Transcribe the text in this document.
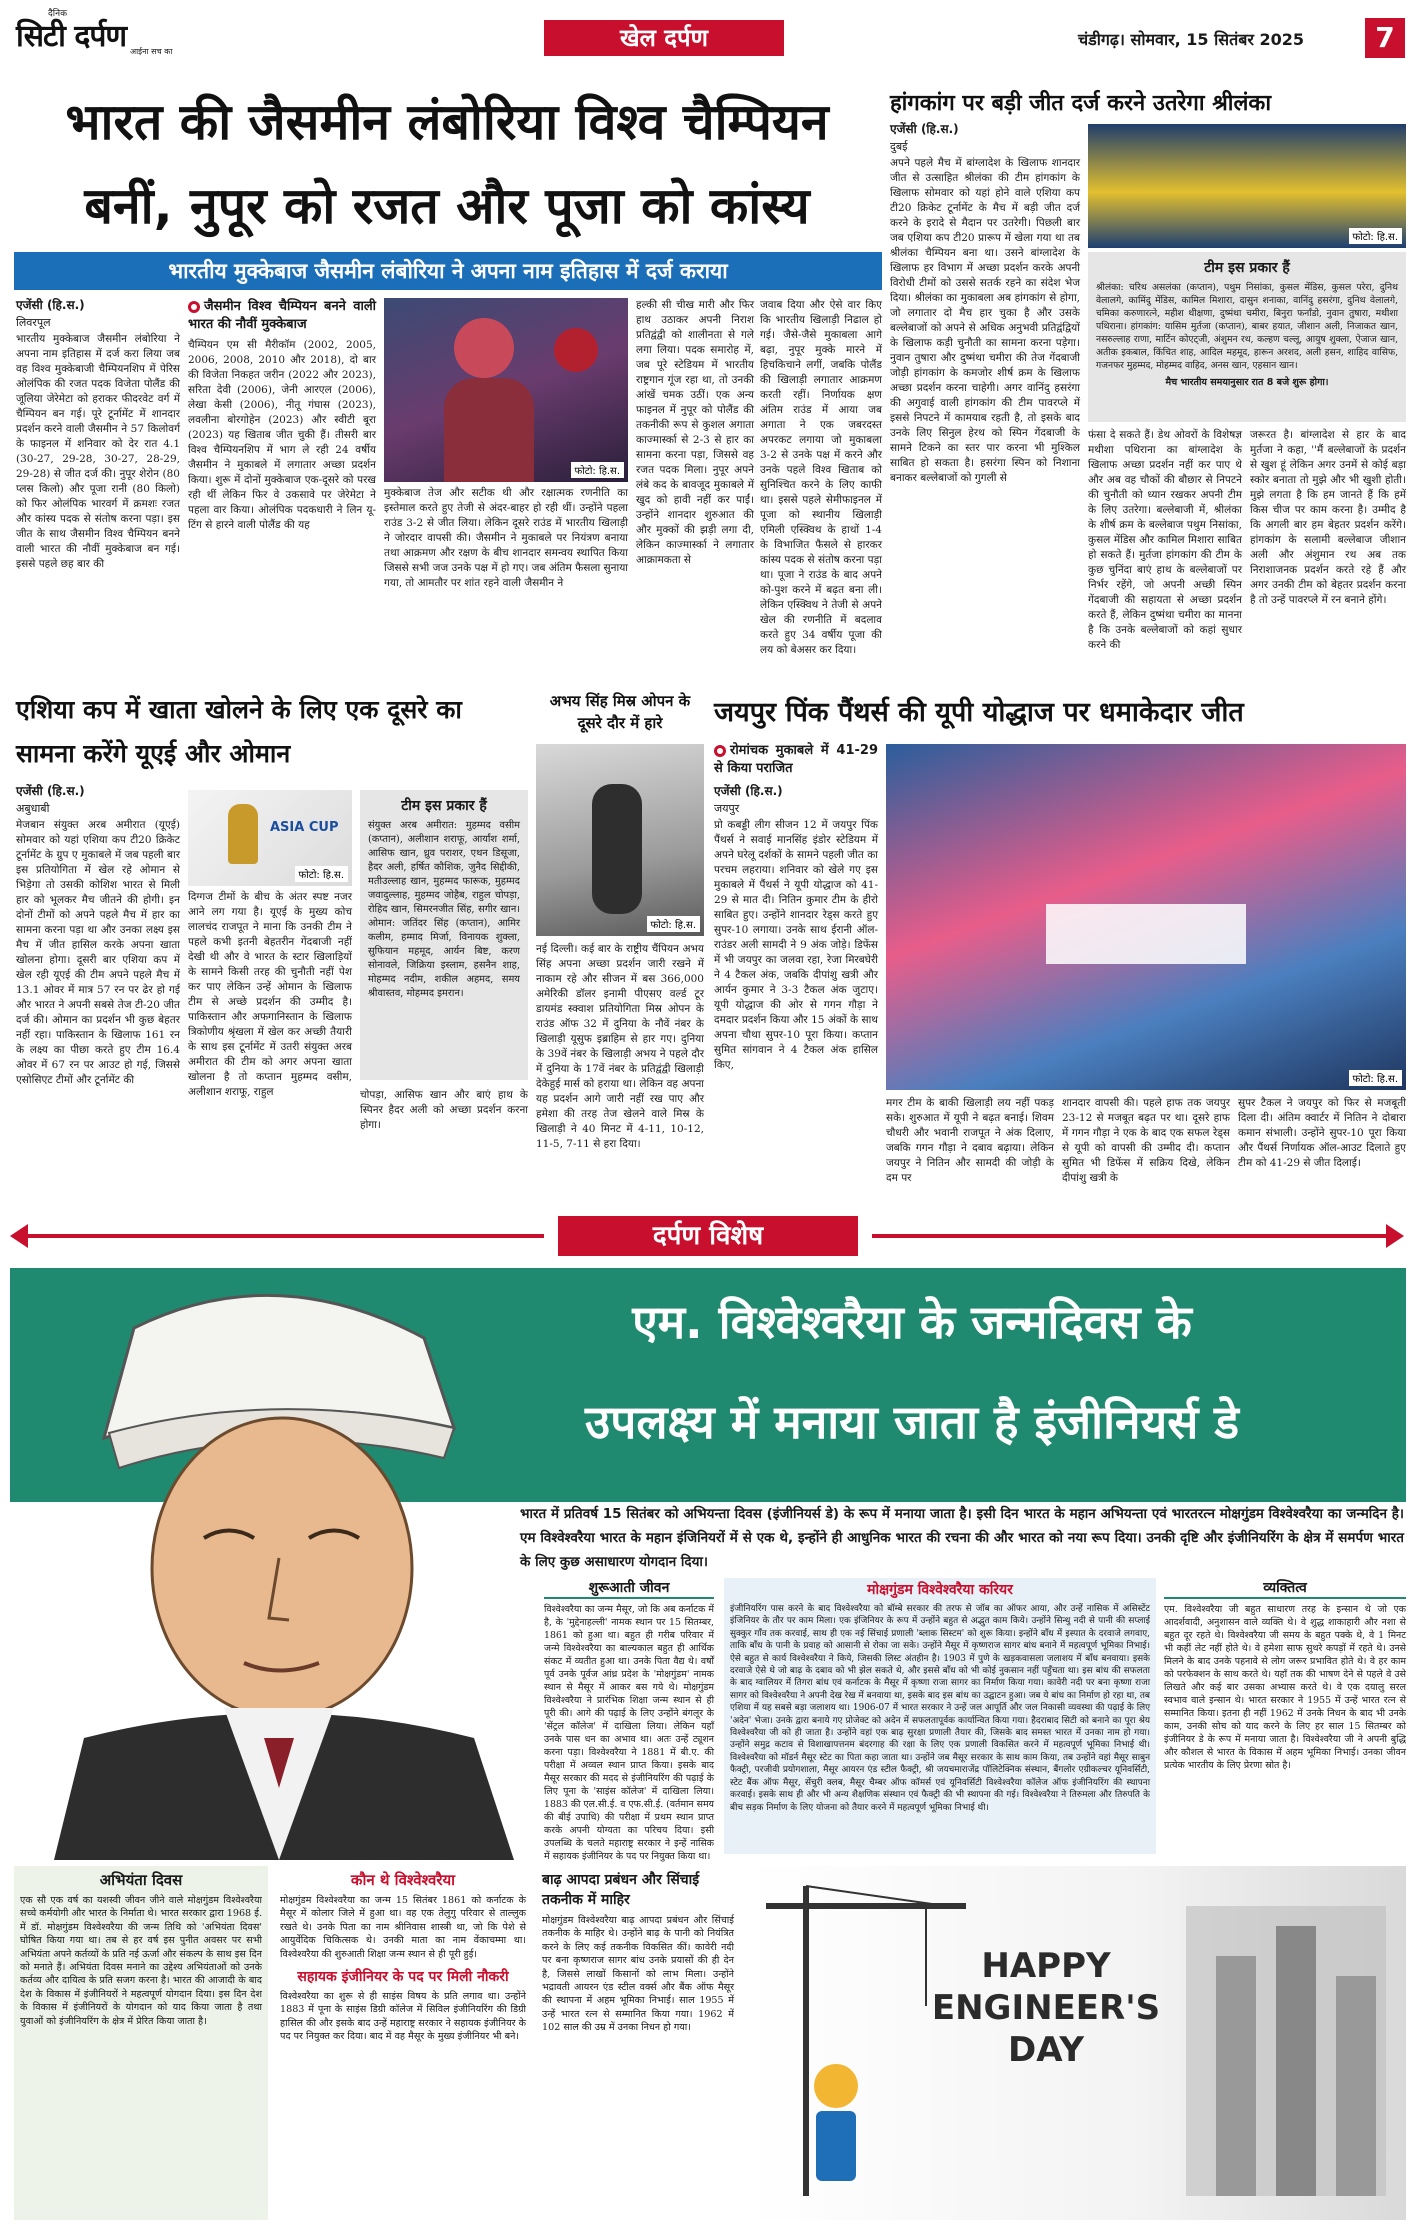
दैनिक
सिटी दर्पण आईना सच का	खेल दर्पण	चंडीगढ़। सोमवार, 15 सितंबर 2025	7
भारत की जैसमीन लंबोरिया विश्व चैम्पियन
बनीं, नुपूर को रजत और पूजा को कांस्य
भारतीय मुक्केबाज जैसमीन लंबोरिया ने अपना नाम इतिहास में दर्ज कराया
एजेंसी (हि.स.)
लिवरपूल

भारतीय मुक्केबाज जैसमीन लंबोरिया ने अपना नाम इतिहास में दर्ज करा लिया जब वह विश्व मुक्केबाजी चैम्पियनशिप में पेरिस ओलंपिक की रजत पदक विजेता पोलैंड की जूलिया जेरेमेटा को हराकर फीदरवेट वर्ग में चैम्पियन बन गई। पूरे टूर्नामेंट में शानदार प्रदर्शन करने वाली जैसमीन ने 57 किलोवर्ग के फाइनल में शनिवार को देर रात 4.1 (30-27, 29-28, 30-27, 28-29, 29-28) से जीत दर्ज की। नुपूर शेरोन (80 प्लस किलो) और पूजा रानी (80 किलो) को फिर ओलंपिक भारवर्ग में क्रमशः रजत और कांस्य पदक से संतोष करना पड़ा। इस जीत के साथ जैसमीन विश्व चैम्पियन बनने वाली भारत की नौवीं मुक्केबाज बन गई। इससे पहले छह बार की

जैसमीन विश्व चैम्पियन बनने वाली भारत की नौवीं मुक्केबाज

चैम्पियन एम सी मैरीकॉम (2002, 2005, 2006, 2008, 2010 और 2018), दो बार की विजेता निकहत जरीन (2022 और 2023), सरिता देवी (2006), जेनी आरएल (2006), लेखा केसी (2006), नीतू गंघास (2023), लवलीना बोरगोहेन (2023) और स्वीटी बूरा (2023) यह खिताब जीत चुकी हैं। तीसरी बार विश्व चैम्पियनशिप में भाग ले रही 24 वर्षीय जैसमीन ने मुकाबले में लगातार अच्छा प्रदर्शन किया। शुरू में दोनों मुक्केबाज एक-दूसरे को परख रही थीं लेकिन फिर वे उकसावे पर जेरेमेटा ने पहला वार किया। ओलंपिक पदकधारी ने लिन यू-टिंग से हारने वाली पोलैंड की यह

फोटो: हि.स.

मुक्केबाज तेज और सटीक थी और रक्षात्मक रणनीति का इस्तेमाल करते हुए तेजी से अंदर-बाहर हो रही थीं। उन्होंने पहला राउंड 3-2 से जीत लिया। लेकिन दूसरे राउंड में भारतीय खिलाड़ी ने जोरदार वापसी की। जैसमीन ने मुकाबले पर नियंत्रण बनाया तथा आक्रमण और रक्षण के बीच शानदार समन्वय स्थापित किया जिससे सभी जज उनके पक्ष में हो गए। जब अंतिम फैसला सुनाया गया, तो आमतौर पर शांत रहने वाली जैसमीन ने

हल्की सी चीख मारी और फिर हाथ उठाकर अपनी निराश प्रतिद्वंद्वी को शालीनता से गले लगा लिया। पदक समारोह में, जब पूरे स्टेडियम में भारतीय राष्ट्रगान गूंज रहा था, तो उनकी आंखें चमक उठीं। एक अन्य फाइनल में नुपूर को पोलैंड की तकनीकी रूप से कुशल अगाता काज्मार्स्का से 2-3 से हार का सामना करना पड़ा, जिससे वह रजत पदक मिला। नुपूर अपने लंबे कद के बावजूद मुकाबले में खुद को हावी नहीं कर पाईं। उन्होंने शानदार शुरुआत की और मुक्कों की झड़ी लगा दी, लेकिन काज्मार्स्का ने लगातार आक्रामकता से

जवाब दिया और ऐसे वार किए कि भारतीय खिलाड़ी निढाल हो गई। जैसे-जैसे मुकाबला आगे बढ़ा, नुपूर मुक्के मारने में हिचकिचाने लगीं, जबकि पोलैंड की खिलाड़ी लगातार आक्रमण करती रहीं। निर्णायक क्षण अंतिम राउंड में आया जब अगाता ने एक जबरदस्त अपरकट लगाया जो मुकाबला 3-2 से उनके पक्ष में करने और उनके पहले विश्व खिताब को सुनिश्चित करने के लिए काफी था। इससे पहले सेमीफाइनल में पूजा को स्थानीय खिलाड़ी एमिली एस्क्विथ के हाथों 1-4 के विभाजित फैसले से हारकर कांस्य पदक से संतोष करना पड़ा था। पूजा ने राउंड के बाद अपने को-पुश करने में बढ़त बना ली। लेकिन एस्क्विथ ने तेजी से अपने खेल की रणनीति में बदलाव करते हुए 34 वर्षीय पूजा की लय को बेअसर कर दिया।

हांगकांग पर बड़ी जीत दर्ज करने उतरेगा श्रीलंका
एजेंसी (हि.स.)
दुबई

अपने पहले मैच में बांग्लादेश के खिलाफ शानदार जीत से उत्साहित श्रीलंका की टीम हांगकांग के खिलाफ सोमवार को यहां होने वाले एशिया कप टी20 क्रिकेट टूर्नामेंट के मैच में बड़ी जीत दर्ज करने के इरादे से मैदान पर उतरेगी। पिछली बार जब एशिया कप टी20 प्रारूप में खेला गया था तब श्रीलंका चैम्पियन बना था। उसने बांग्लादेश के खिलाफ हर विभाग में अच्छा प्रदर्शन करके अपनी विरोधी टीमों को उससे सतर्क रहने का संदेश भेज दिया। श्रीलंका का मुकाबला अब हांगकांग से होगा, जो लगातार दो मैच हार चुका है और उसके बल्लेबाजों को अपने से अधिक अनुभवी प्रतिद्वंद्वियों के खिलाफ कड़ी चुनौती का सामना करना पड़ेगा। नुवान तुषारा और दुष्मंथा चमीरा की तेज गेंदबाजी जोड़ी हांगकांग के कमजोर शीर्ष क्रम के खिलाफ अच्छा प्रदर्शन करना चाहेगी। अगर वानिंदु हसरंगा की अगुवाई वाली हांगकांग की टीम पावरप्ले में इससे निपटने में कामयाब रहती है, तो इसके बाद उनके लिए सिनुल हेरथ को स्पिन गेंदबाजी के सामने टिकने का स्तर पार करना भी मुश्किल साबित हो सकता है। हसरंगा स्पिन को निशाना बनाकर बल्लेबाजों को गुगली से

फोटो: हि.स.
टीम इस प्रकार हैं
श्रीलंका: चरिथ असलंका (कप्तान), पथुम निसांका, कुसल मेंडिस, कुसल परेरा, दुनिथ वेलालगे, कामिंदु मेंडिस, कामिल मिशारा, दासुन शनाका, वानिंदु हसरंगा, दुनिथ वेलालगे, चमिका करुणारत्ने, महीश थीक्षणा, दुष्मंथा चमीरा, बिनुरा फर्नांडो, नुवान तुषारा, मथीशा पथिराना। हांगकांग: यासिम मुर्तजा (कप्तान), बाबर हयात, जीशान अली, निजाकत खान, नसरुल्लाह राणा, मार्टिन कोएट्जी, अंशुमन रथ, कल्हण चल्लू, आयुष शुक्ला, ऐजाज खान, अतीक इकबाल, किंचित शाह, आदिल महमूद, हारून अरशद, अली हसन, शाहिद वासिफ, गजनफर मुहम्मद, मोहम्मद वाहिद, अनस खान, एहसान खान।
मैच भारतीय समयानुसार रात 8 बजे शुरू होगा।

फंसा दे सकते हैं। डेथ ओवरों के विशेषज्ञ मथीशा पथिराना का बांग्लादेश के खिलाफ अच्छा प्रदर्शन नहीं कर पाए थे और अब वह चौकों की बौछार से निपटने की चुनौती को ध्यान रखकर अपनी टीम के लिए उतरेगा। बल्लेबाजी में, श्रीलंका के शीर्ष क्रम के बल्लेबाज पथुम निसांका, कुसल मेंडिस और कामिल मिशारा साबित हो सकते हैं। मुर्तजा हांगकांग की टीम के कुछ चुनिंदा बाएं हाथ के बल्लेबाजों पर निर्भर रहेंगे, जो अपनी अच्छी स्पिन गेंदबाजी की सहायता से अच्छा प्रदर्शन करते हैं, लेकिन दुष्मंथा चमीरा का मानना है कि उनके बल्लेबाजों को कहां सुधार करने की

जरूरत है। बांग्लादेश से हार के बाद मुर्तजा ने कहा, ''मैं बल्लेबाजों के प्रदर्शन से खुश हूं लेकिन अगर उनमें से कोई बड़ा स्कोर बनाता तो मुझे और भी खुशी होती। मुझे लगता है कि हम जानते हैं कि हमें किस चीज पर काम करना है। उम्मीद है कि अगली बार हम बेहतर प्रदर्शन करेंगे। हांगकांग के सलामी बल्लेबाज जीशान अली और अंशुमान रथ अब तक निराशाजनक प्रदर्शन करते रहे हैं और अगर उनकी टीम को बेहतर प्रदर्शन करना है तो उन्हें पावरप्ले में रन बनाने होंगे।

एशिया कप में खाता खोलने के लिए एक दूसरे का सामना करेंगे यूएई और ओमान
एजेंसी (हि.स.)
अबुधाबी

मेजबान संयुक्त अरब अमीरात (यूएई) सोमवार को यहां एशिया कप टी20 क्रिकेट टूर्नामेंट के ग्रुप ए मुकाबले में जब पहली बार इस प्रतियोगिता में खेल रहे ओमान से भिड़ेगा तो उसकी कोशिश भारत से मिली हार को भूलकर मैच जीतने की होगी। इन दोनों टीमों को अपने पहले मैच में हार का सामना करना पड़ा था और उनका लक्ष्य इस मैच में जीत हासिल करके अपना खाता खोलना होगा। दूसरी बार एशिया कप में खेल रही यूएई की टीम अपने पहले मैच में 13.1 ओवर में मात्र 57 रन पर ढेर हो गई और भारत ने अपनी सबसे तेज टी-20 जीत दर्ज की। ओमान का प्रदर्शन भी कुछ बेहतर नहीं रहा। पाकिस्तान के खिलाफ 161 रन के लक्ष्य का पीछा करते हुए टीम 16.4 ओवर में 67 रन पर आउट हो गई, जिससे एसोसिएट टीमों और टूर्नामेंट की

ASIA CUP
फोटो: हि.स.

दिग्गज टीमों के बीच के अंतर स्पष्ट नजर आने लग गया है। यूएई के मुख्य कोच लालचंद राजपूत ने माना कि उनकी टीम ने पहले कभी इतनी बेहतरीन गेंदबाजी नहीं देखी थी और वे भारत के स्टार खिलाड़ियों के सामने किसी तरह की चुनौती नहीं पेश कर पाए लेकिन उन्हें ओमान के खिलाफ टीम से अच्छे प्रदर्शन की उम्मीद है। पाकिस्तान और अफगानिस्तान के खिलाफ त्रिकोणीय श्रृंखला में खेल कर अच्छी तैयारी के साथ इस टूर्नामेंट में उतरी संयुक्त अरब अमीरात की टीम को अगर अपना खाता खोलना है तो कप्तान मुहम्मद वसीम, अलीशान शराफू, राहुल

टीम इस प्रकार हैं
संयुक्त अरब अमीरात: मुहम्मद वसीम (कप्तान), अलीशान शराफू, आर्यांश शर्मा, आसिफ खान, ध्रुव पराशर, एथन डिसूजा, हैदर अली, हर्षित कौशिक, जुनैद सिद्दीकी, मतीउल्लाह खान, मुहम्मद फारूक, मुहम्मद जवादुल्लाह, मुहम्मद जोहैब, राहुल चोपड़ा, रोहिद खान, सिमरनजीत सिंह, सगीर खान। ओमान: जतिंदर सिंह (कप्तान), आमिर कलीम, हम्माद मिर्जा, विनायक शुक्ला, सुफियान महमूद, आर्यन बिष्ट, करण सोनावले, जिक्रिया इस्लाम, हसनैन शाह, मोहम्मद नदीम, शकील अहमद, समय श्रीवास्तव, मोहम्मद इमरान।

चोपड़ा, आसिफ खान और बाएं हाथ के स्पिनर हैदर अली को अच्छा प्रदर्शन करना होगा।

अभय सिंह मिस्र ओपन के दूसरे दौर में हारे
फोटो: हि.स.

नई दिल्ली। कई बार के राष्ट्रीय चैंपियन अभय सिंह अपना अच्छा प्रदर्शन जारी रखने में नाकाम रहे और सीजन में बस 366,000 अमेरिकी डॉलर इनामी पीएसए वर्ल्ड टूर डायमंड स्क्वाश प्रतियोगिता मिस्र ओपन के राउंड ऑफ 32 में दुनिया के नौवें नंबर के खिलाड़ी यूसुफ इब्राहिम से हार गए। दुनिया के 39वें नंबर के खिलाड़ी अभय ने पहले दौर में दुनिया के 17वें नंबर के प्रतिद्वंद्वी खिलाड़ी देकेहुई मार्स को हराया था। लेकिन वह अपना यह प्रदर्शन आगे जारी नहीं रख पाए और हमेशा की तरह तेज खेलने वाले मिस्र के खिलाड़ी ने 40 मिनट में 4-11, 10-12, 11-5, 7-11 से हरा दिया।

जयपुर पिंक पैंथर्स की यूपी योद्धाज पर धमाकेदार जीत
रोमांचक मुकाबले में 41-29 से किया पराजित
एजेंसी (हि.स.)
जयपुर

प्रो कबड्डी लीग सीजन 12 में जयपुर पिंक पैंथर्स ने सवाई मानसिंह इंडोर स्टेडियम में अपने घरेलू दर्शकों के सामने पहली जीत का परचम लहराया। शनिवार को खेले गए इस मुकाबले में पैंथर्स ने यूपी योद्धाज को 41-29 से मात दी। नितिन कुमार टीम के हीरो साबित हुए। उन्होंने शानदार रेड्स करते हुए सुपर-10 लगाया। उनके साथ ईरानी ऑल-राउंडर अली सामदी ने 9 अंक जोड़े। डिफेंस में भी जयपुर का जलवा रहा, रेजा मिरबघेरी ने 4 टैकल अंक, जबकि दीपांशु खत्री और आर्यन कुमार ने 3-3 टैकल अंक जुटाए। यूपी योद्धाज की ओर से गगन गौड़ा ने दमदार प्रदर्शन किया और 15 अंकों के साथ अपना चौथा सुपर-10 पूरा किया। कप्तान सुमित सांगवान ने 4 टैकल अंक हासिल किए,

फोटो: हि.स.

मगर टीम के बाकी खिलाड़ी लय नहीं पकड़ सके। शुरुआत में यूपी ने बढ़त बनाई। शिवम चौधरी और भवानी राजपूत ने अंक दिलाए, जबकि गगन गौड़ा ने दबाव बढ़ाया। लेकिन जयपुर ने नितिन और सामदी की जोड़ी के दम पर

शानदार वापसी की। पहले हाफ तक जयपुर 23-12 से मजबूत बढ़त पर था। दूसरे हाफ में गगन गौड़ा ने एक के बाद एक सफल रेड्स से यूपी को वापसी की उम्मीद दी। कप्तान सुमित भी डिफेंस में सक्रिय दिखे, लेकिन दीपांशु खत्री के

सुपर टैकल ने जयपुर को फिर से मजबूती दिला दी। अंतिम क्वार्टर में नितिन ने दोबारा कमान संभाली। उन्होंने सुपर-10 पूरा किया और पैंथर्स निर्णायक ऑल-आउट दिलाते हुए टीम को 41-29 से जीत दिलाई।

दर्पण विशेष
एम. विश्वेश्वरैया के जन्मदिवस के
उपलक्ष्य में मनाया जाता है इंजीनियर्स डे
भारत में प्रतिवर्ष 15 सितंबर को अभियन्ता दिवस (इंजीनियर्स डे) के रूप में मनाया जाता है। इसी दिन भारत के महान अभियन्ता एवं भारतरत्न मोक्षगुंडम विश्वेश्वरैया का जन्मदिन है। एम विश्वेश्वरैया भारत के महान इंजिनियरों में से एक थे, इन्होंने ही आधुनिक भारत की रचना की और भारत को नया रूप दिया। उनकी दृष्टि और इंजीनियरिंग के क्षेत्र में समर्पण भारत के लिए कुछ असाधारण योगदान दिया।
शुरूआती जीवन
विश्वेश्वरैया का जन्म मैसूर, जो कि अब कर्नाटक में है, के 'मुद्देनाहल्ली' नामक स्थान पर 15 सितम्बर, 1861 को हुआ था। बहुत ही गरीब परिवार में जन्मे विश्वेश्वरैया का बाल्यकाल बहुत ही आर्थिक संकट में व्यतीत हुआ था। उनके पिता वैद्य थे। वर्षों पूर्व उनके पूर्वज आंध्र प्रदेश के 'मोक्षगुंडम' नामक स्थान से मैसूर में आकर बस गये थे। मोक्षगुंडम विश्वेश्वरैया ने प्रारंभिक शिक्षा जन्म स्थान से ही पूरी की। आगे की पढ़ाई के लिए उन्होंने बंगलूर के 'सेंट्रल कॉलेज' में दाखिला लिया। लेकिन यहाँ उनके पास धन का अभाव था। अतः उन्हें ट्यूशन करना पड़ा। विश्वेश्वरैया ने 1881 में बी.ए. की परीक्षा में अव्वल स्थान प्राप्त किया। इसके बाद मैसूर सरकार की मदद से इंजीनियरिंग की पढ़ाई के लिए पूना के 'साइंस कॉलेज' में दाखिला लिया। 1883 की एल.सी.ई. व एफ.सी.ई. (वर्तमान समय की बीई उपाधि) की परीक्षा में प्रथम स्थान प्राप्त करके अपनी योग्यता का परिचय दिया। इसी उपलब्धि के चलते महाराष्ट्र सरकार ने इन्हें नासिक में सहायक इंजीनियर के पद पर नियुक्त किया था।
मोक्षगुंडम विश्वेश्वरैया करियर
इंजीनियरिंग पास करने के बाद विश्वेश्वरैया को बॉम्बे सरकार की तरफ से जॉब का ऑफर आया, और उन्हें नासिक में असिस्टेंट इंजिनियर के तौर पर काम मिला। एक इंजिनियर के रूप में उन्होंने बहुत से अद्भुत काम किये। उन्होंने सिन्धु नदी से पानी की सप्लाई सुक्कुर गाँव तक करवाई, साथ ही एक नई सिंचाई प्रणाली 'ब्लाक सिस्टम' को शुरू किया। इन्होंने बाँध में इस्पात के दरवाजे लगवाए, ताकि बाँध के पानी के प्रवाह को आसानी से रोका जा सके। उन्होंने मैसूर में कृष्णराज सागर बांध बनाने में महत्वपूर्ण भूमिका निभाई। ऐसे बहुत से कार्य विश्वेश्वरैया ने किये, जिसकी लिस्ट अंतहीन है। 1903 में पुणे के खड़कवासला जलाशय में बाँध बनवाया। इसके दरवाजे ऐसे थे जो बाढ़ के दबाव को भी झेल सकते थे, और इससे बाँध को भी कोई नुकसान नहीं पहुँचता था। इस बांध की सफलता के बाद ग्वालियर में तिगरा बांध एवं कर्नाटक के मैसूर में कृष्णा राजा सागर का निर्माण किया गया। कावेरी नदी पर बना कृष्णा राजा सागर को विश्वेश्वरैया ने अपनी देख रेख में बनवाया था, इसके बाद इस बांध का उद्घाटन हुआ। जब ये बांध का निर्माण हो रहा था, तब एशिया में यह सबसे बड़ा जलाशय था। 1906-07 में भारत सरकार ने उन्हें जल आपूर्ति और जल निकासी व्यवस्था की पढ़ाई के लिए 'अदेन' भेजा। उनके द्वारा बनाये गए प्रोजेक्ट को अदेन में सफलतापूर्वक कार्यान्वित किया गया। हैदराबाद सिटी को बनाने का पूरा श्रेय विश्वेश्वरैया जी को ही जाता है। उन्होंने वहां एक बाढ़ सुरक्षा प्रणाली तैयार की, जिसके बाद समस्त भारत में उनका नाम हो गया। उन्होंने समुद्र कटाव से विशाखापत्तनम बंदरगाह की रक्षा के लिए एक प्रणाली विकसित करने में महत्वपूर्ण भूमिका निभाई थी। विश्वेश्वरैया को मॉडर्न मैसूर स्टेट का पिता कहा जाता था। उन्होंने जब मैसूर सरकार के साथ काम किया, तब उन्होंने वहां मैसूर साबुन फैक्ट्री, परजीवी प्रयोगशाला, मैसूर आयरन एंड स्टील फैक्ट्री, श्री जयचमाराजेंद्र पॉलिटेक्निक संस्थान, बैंगलोर एग्रीकल्चर यूनिवर्सिटी, स्टेट बैंक ऑफ मैसूर, सेंचुरी क्लब, मैसूर चैम्बर ऑफ कॉमर्स एवं यूनिवर्सिटी विश्वेश्वरैया कॉलेज ऑफ इंजीनियरिंग की स्थापना करवाई। इसके साथ ही और भी अन्य शैक्षणिक संस्थान एवं फैक्ट्री की भी स्थापना की गई। विश्वेश्वरैया ने तिरुमला और तिरुपति के बीच सड़क निर्माण के लिए योजना को तैयार करने में महत्वपूर्ण भूमिका निभाई थी।
व्यक्तित्व
एम. विश्वेश्वरैया जी बहुत साधारण तरह के इन्सान थे जो एक आदर्शवादी, अनुशासन वाले व्यक्ति थे। वे शुद्ध शाकाहारी और नशा से बहुत दूर रहते थे। विश्वेश्वरैया जी समय के बहुत पक्के थे, वे 1 मिनट भी कहीं लेट नहीं होते थे। वे हमेशा साफ सुथरे कपड़ों में रहते थे। उनसे मिलने के बाद उनके पहनावे से लोग जरूर प्रभावित होते थे। वे हर काम को परफेक्शन के साथ करते थे। यहाँ तक की भाषण देने से पहले वे उसे लिखते और कई बार उसका अभ्यास करते थे। वे एक दयालु सरल स्वभाव वाले इन्सान थे। भारत सरकार ने 1955 में उन्हें भारत रत्न से सम्मानित किया। इतना ही नहीं 1962 में उनके निधन के बाद भी उनके काम, उनकी सोच को याद करने के लिए हर साल 15 सितम्बर को इंजीनियर डे के रूप में मनाया जाता है। विश्वेश्वरैया जी ने अपनी बुद्धि और कौशल से भारत के विकास में अहम भूमिका निभाई। उनका जीवन प्रत्येक भारतीय के लिए प्रेरणा स्रोत है।
अभियंता दिवस
एक सौ एक वर्ष का यशस्वी जीवन जीने वाले मोक्षगुंडम विश्वेश्वरैया सच्चे कर्मयोगी और भारत के निर्माता थे। भारत सरकार द्वारा 1968 ई. में डॉ. मोक्षगुंडम विश्वेश्वरैया की जन्म तिथि को 'अभियंता दिवस' घोषित किया गया था। तब से हर वर्ष इस पुनीत अवसर पर सभी अभियंता अपने कर्तव्यों के प्रति नई ऊर्जा और संकल्प के साथ इस दिन को मनाते हैं। अभियंता दिवस मनाने का उद्देश्य अभियंताओं को उनके कर्तव्य और दायित्व के प्रति सजग करना है। भारत की आजादी के बाद देश के विकास में इंजीनियरों ने महत्वपूर्ण योगदान दिया। इस दिन देश के विकास में इंजीनियरों के योगदान को याद किया जाता है तथा युवाओं को इंजीनियरिंग के क्षेत्र में प्रेरित किया जाता है।
कौन थे विश्वेश्वरैया
मोक्षगुंडम विश्वेश्वरैया का जन्म 15 सितंबर 1861 को कर्नाटक के मैसूर में कोलार जिले में हुआ था। वह एक तेलुगु परिवार से ताल्लुक रखते थे। उनके पिता का नाम श्रीनिवास शास्त्री था, जो कि पेशे से आयुर्वेदिक चिकित्सक थे। उनकी माता का नाम वेंकाचम्मा था। विश्वेश्वरैया की शुरुआती शिक्षा जन्म स्थान से ही पूरी हुई।
सहायक इंजीनियर के पद पर मिली नौकरी
विश्वेश्वरैया का शुरू से ही साइंस विषय के प्रति लगाव था। उन्होंने 1883 में पूना के साइंस डिग्री कॉलेज में सिविल इंजीनियरिंग की डिग्री हासिल की और इसके बाद उन्हें महाराष्ट्र सरकार ने सहायक इंजीनियर के पद पर नियुक्त कर दिया। बाद में वह मैसूर के मुख्य इंजीनियर भी बने।
बाढ़ आपदा प्रबंधन और सिंचाई तकनीक में माहिर
मोक्षगुंडम विश्वेश्वरैया बाढ़ आपदा प्रबंधन और सिंचाई तकनीक के माहिर थे। उन्होंने बाढ़ के पानी को नियंत्रित करने के लिए कई तकनीक विकसित कीं। कावेरी नदी पर बना कृष्णराज सागर बांध उनके प्रयासों की ही देन है, जिससे लाखों किसानों को लाभ मिला। उन्होंने भद्रावती आयरन एंड स्टील वर्क्स और बैंक ऑफ मैसूर की स्थापना में अहम भूमिका निभाई। साल 1955 में उन्हें भारत रत्न से सम्मानित किया गया। 1962 में 102 साल की उम्र में उनका निधन हो गया।
HAPPY
ENGINEER'S
DAY
